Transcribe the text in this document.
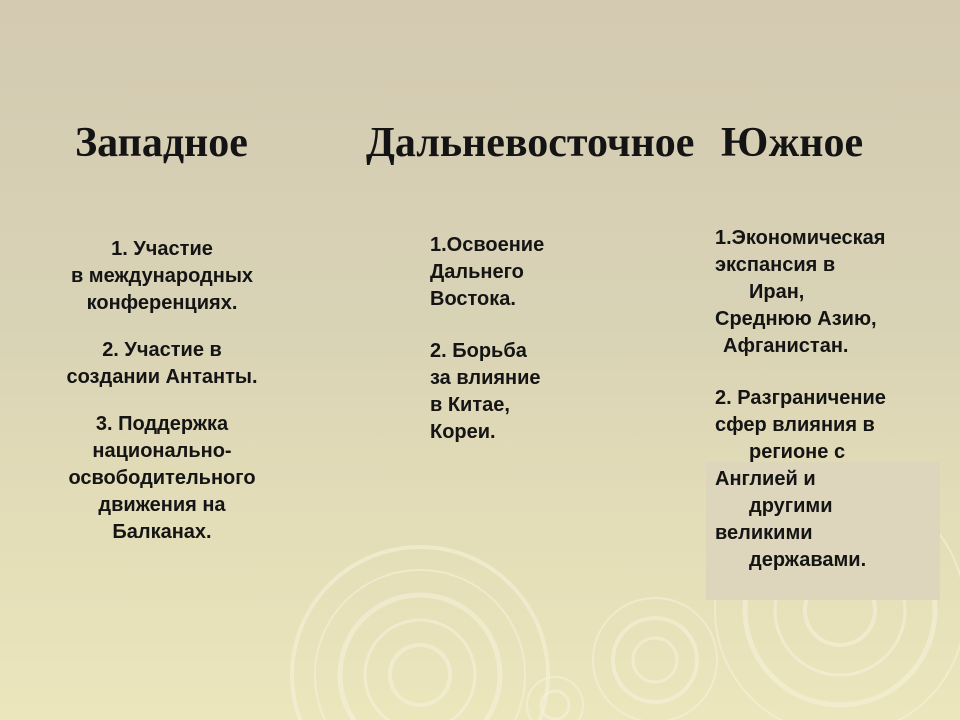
Западное	Дальневосточное Южное
1. Участие
в международных
конференциях.
2. Участие в
создании Антанты.
3. Поддержка
национально-
освободительного
движения на
Балканах.
1.Освоение
Дальнего
Востока.
2. Борьба
за влияние
в Китае,
Кореи.
1.Экономическая
экспансия в
Иран,
Среднюю Азию,
Афганистан.
2. Разграничение
сфер влияния в
регионе с
Англией и
другими
великими
державами.
